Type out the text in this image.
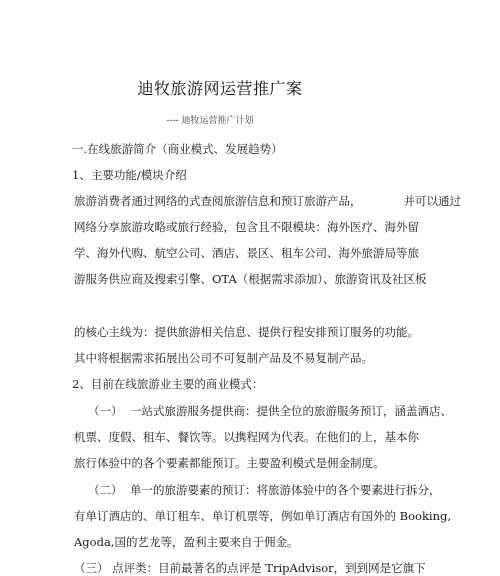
迪牧旅游网运营推广案
---- 迪牧运营推广计划
一.在线旅游简介（商业模式、发展趋势）
1、主要功能/模块介绍
旅游消费者通过网络的式查阅旅游信息和预订旅游产品，	并可以通过
网络分享旅游攻略或旅行经验，包含且不限模块：海外医疗、海外留
学、海外代购、航空公司、酒店、景区、租车公司、海外旅游局等旅
游服务供应商及搜索引擎、OTA（根据需求添加）、旅游资讯及社区板
的核心主线为：提供旅游相关信息、提供行程安排预订服务的功能。
其中将根据需求拓展出公司不可复制产品及不易复制产品。
2、目前在线旅游业主要的商业模式：
（一） 一站式旅游服务提供商：提供全位的旅游服务预订，涵盖酒店、
机票、度假、租车、餐饮等。以携程网为代表。在他们的上，基本你
旅行体验中的各个要素都能预订。主要盈利模式是佣金制度。
（二） 单一的旅游要素的预订：将旅游体验中的各个要素进行拆分，
有单订酒店的、单订租车、单订机票等，例如单订酒店有国外的 Booking,
Agoda,国的艺龙等，盈利主要来自于佣金。
（三） 点评类：目前最著名的点评是 TripAdvisor，到到网是它旗下
